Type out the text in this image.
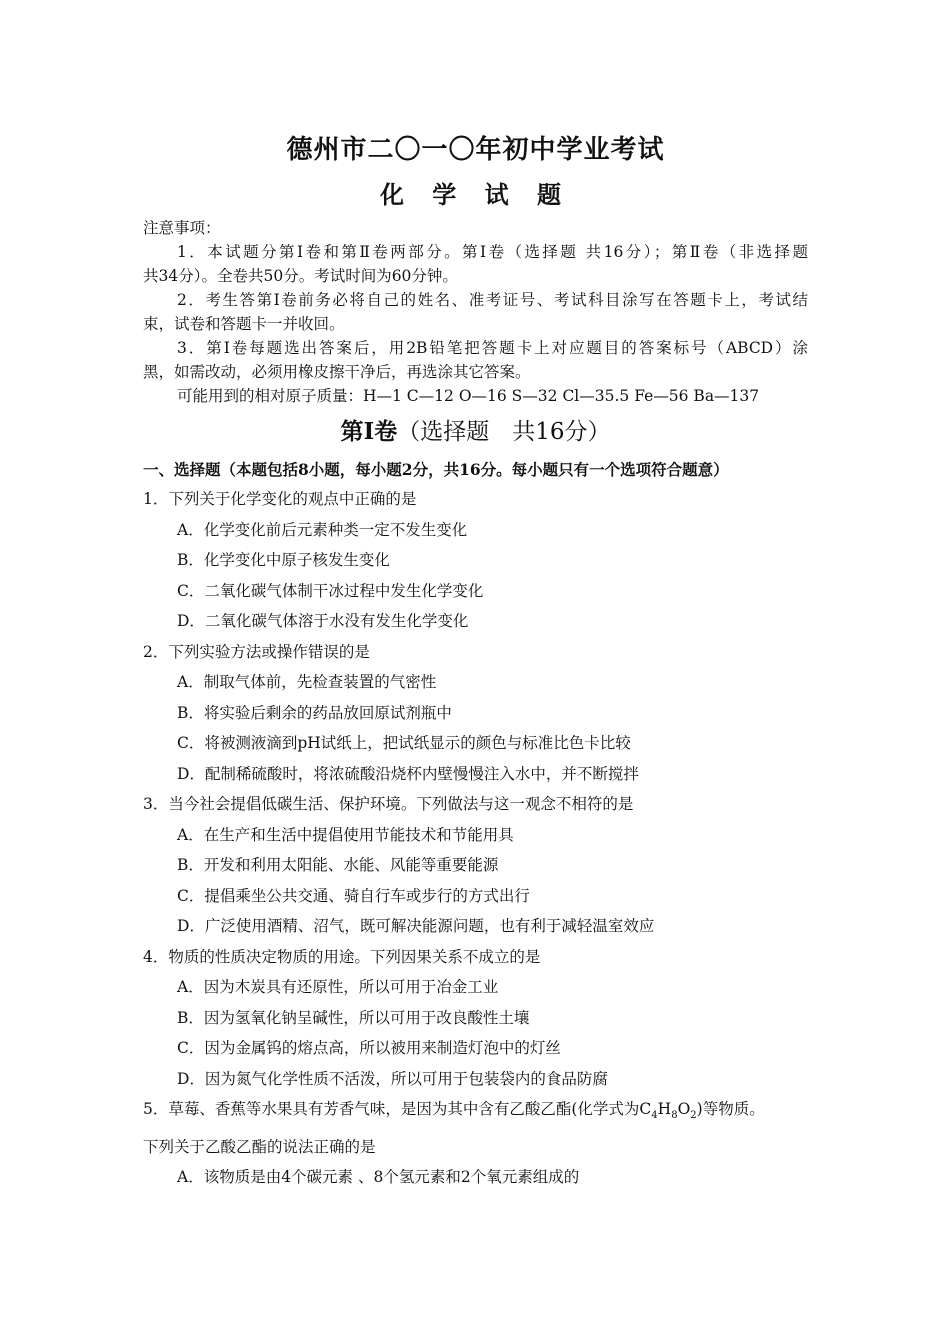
德州市二〇一〇年初中学业考试
化 学 试 题

注意事项：

1．本试题分第Ⅰ卷和第Ⅱ卷两部分。第Ⅰ卷（选择题 共16分）；第Ⅱ卷（非选择题

共34分）。全卷共50分。考试时间为60分钟。

2．考生答第Ⅰ卷前务必将自己的姓名、准考证号、考试科目涂写在答题卡上，考试结

束，试卷和答题卡一并收回。

3．第Ⅰ卷每题选出答案后，用2B铅笔把答题卡上对应题目的答案标号（ABCD）涂

黑，如需改动，必须用橡皮擦干净后，再选涂其它答案。

可能用到的相对原子质量：H—1 C—12 O—16 S—32 Cl—35.5 Fe—56 Ba—137

第Ⅰ卷（选择题　共16分）

一、选择题（本题包括8小题，每小题2分，共16分。每小题只有一个选项符合题意）

1．下列关于化学变化的观点中正确的是

A．化学变化前后元素种类一定不发生变化

B．化学变化中原子核发生变化

C．二氧化碳气体制干冰过程中发生化学变化

D．二氧化碳气体溶于水没有发生化学变化

2．下列实验方法或操作错误的是

A．制取气体前，先检查装置的气密性

B．将实验后剩余的药品放回原试剂瓶中

C．将被测液滴到pH试纸上，把试纸显示的颜色与标准比色卡比较

D．配制稀硫酸时，将浓硫酸沿烧杯内壁慢慢注入水中，并不断搅拌

3．当今社会提倡低碳生活、保护环境。下列做法与这一观念不相符的是

A．在生产和生活中提倡使用节能技术和节能用具

B．开发和利用太阳能、水能、风能等重要能源

C．提倡乘坐公共交通、骑自行车或步行的方式出行

D．广泛使用酒精、沼气，既可解决能源问题，也有利于减轻温室效应

4．物质的性质决定物质的用途。下列因果关系不成立的是

A．因为木炭具有还原性，所以可用于冶金工业

B．因为氢氧化钠呈碱性，所以可用于改良酸性土壤

C．因为金属钨的熔点高，所以被用来制造灯泡中的灯丝

D．因为氮气化学性质不活泼，所以可用于包装袋内的食品防腐

5．草莓、香蕉等水果具有芳香气味，是因为其中含有乙酸乙酯(化学式为$C_4H_8O_2$)等物质。

下列关于乙酸乙酯的说法正确的是

A．该物质是由4个碳元素 、8个氢元素和2个氧元素组成的
